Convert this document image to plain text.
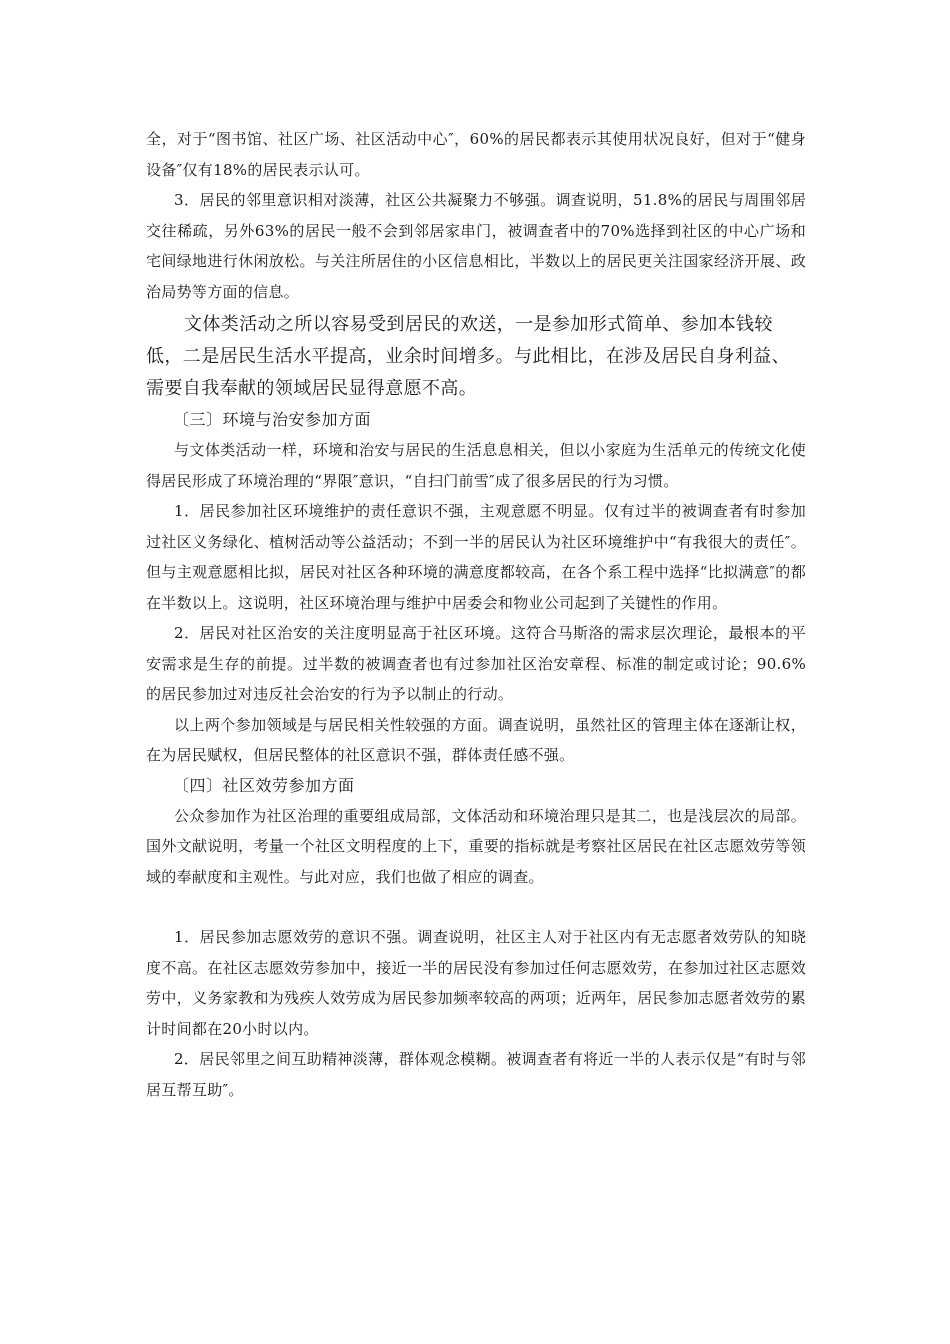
全，对于“图书馆、社区广场、社区活动中心″，60%的居民都表示其使用状况良好，但对于“健身设备″仅有18%的居民表示认可。

3．居民的邻里意识相对淡薄，社区公共凝聚力不够强。调查说明，51.8%的居民与周围邻居交往稀疏，另外63%的居民一般不会到邻居家串门，被调查者中的70%选择到社区的中心广场和宅间绿地进行休闲放松。与关注所居住的小区信息相比，半数以上的居民更关注国家经济开展、政治局势等方面的信息。

文体类活动之所以容易受到居民的欢送，一是参加形式简单、参加本钱较低，二是居民生活水平提高，业余时间增多。与此相比，在涉及居民自身利益、需要自我奉献的领域居民显得意愿不高。

〔三〕环境与治安参加方面

与文体类活动一样，环境和治安与居民的生活息息相关，但以小家庭为生活单元的传统文化使得居民形成了环境治理的“界限″意识，“自扫门前雪″成了很多居民的行为习惯。

1．居民参加社区环境维护的责任意识不强，主观意愿不明显。仅有过半的被调查者有时参加过社区义务绿化、植树活动等公益活动；不到一半的居民认为社区环境维护中“有我很大的责任″。但与主观意愿相比拟，居民对社区各种环境的满意度都较高，在各个系工程中选择“比拟满意″的都在半数以上。这说明，社区环境治理与维护中居委会和物业公司起到了关键性的作用。

2．居民对社区治安的关注度明显高于社区环境。这符合马斯洛的需求层次理论，最根本的平安需求是生存的前提。过半数的被调查者也有过参加社区治安章程、标准的制定或讨论；90.6%的居民参加过对违反社会治安的行为予以制止的行动。

以上两个参加领域是与居民相关性较强的方面。调查说明，虽然社区的管理主体在逐渐让权，在为居民赋权，但居民整体的社区意识不强，群体责任感不强。

〔四〕社区效劳参加方面

公众参加作为社区治理的重要组成局部，文体活动和环境治理只是其二，也是浅层次的局部。国外文献说明，考量一个社区文明程度的上下，重要的指标就是考察社区居民在社区志愿效劳等领域的奉献度和主观性。与此对应，我们也做了相应的调查。

1．居民参加志愿效劳的意识不强。调查说明，社区主人对于社区内有无志愿者效劳队的知晓度不高。在社区志愿效劳参加中，接近一半的居民没有参加过任何志愿效劳，在参加过社区志愿效劳中，义务家教和为残疾人效劳成为居民参加频率较高的两项；近两年，居民参加志愿者效劳的累计时间都在20小时以内。

2．居民邻里之间互助精神淡薄，群体观念模糊。被调查者有将近一半的人表示仅是“有时与邻居互帮互助″。
